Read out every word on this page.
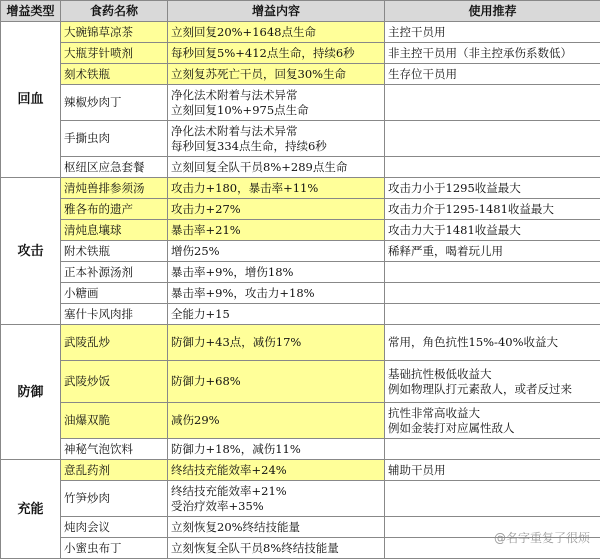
增益类型	食药名称	增益内容	使用推荐
回血	大碗锦草凉茶	立刻回复20%+1648点生命	主控干员用
	大瓶芽针喷剂	每秒回复5%+412点生命，持续6秒	非主控干员用（非主控承伤系数低）
	刻术铁瓶	立刻复苏死亡干员，回复30%生命	生存位干员用
	辣椒炒肉丁	净化法术附着与法术异常
立刻回复10%+975点生命	
	手撕虫肉	净化法术附着与法术异常
每秒回复334点生命，持续6秒	
	枢纽区应急套餐	立刻回复全队干员8%+289点生命	
攻击	清炖兽排参须汤	攻击力+180，暴击率+11%	攻击力小于1295收益最大
	雅各布的遗产	攻击力+27%	攻击力介于1295-1481收益最大
	清炖息壤球	暴击率+21%	攻击力大于1481收益最大
	附术铁瓶	增伤25%	稀释严重，喝着玩儿用
	正本补源汤剂	暴击率+9%，增伤18%	
	小糖画	暴击率+9%，攻击力+18%	
	塞什卡风肉排	全能力+15	
防御	武陵乱炒	防御力+43点，减伤17%	常用，角色抗性15%-40%收益大
	武陵炒饭	防御力+68%	基础抗性极低收益大
例如物理队打元素敌人，或者反过来
	油爆双脆	减伤29%	抗性非常高收益大
例如金装打对应属性敌人
	神秘气泡饮料	防御力+18%，减伤11%	
充能	意乱药剂	终结技充能效率+24%	辅助干员用
	竹笋炒肉	终结技充能效率+21%
受治疗效率+35%	
	炖肉会议	立刻恢复20%终结技能量	
	小蜜虫布丁	立刻恢复全队干员8%终结技能量	
@名字重复了很烦
